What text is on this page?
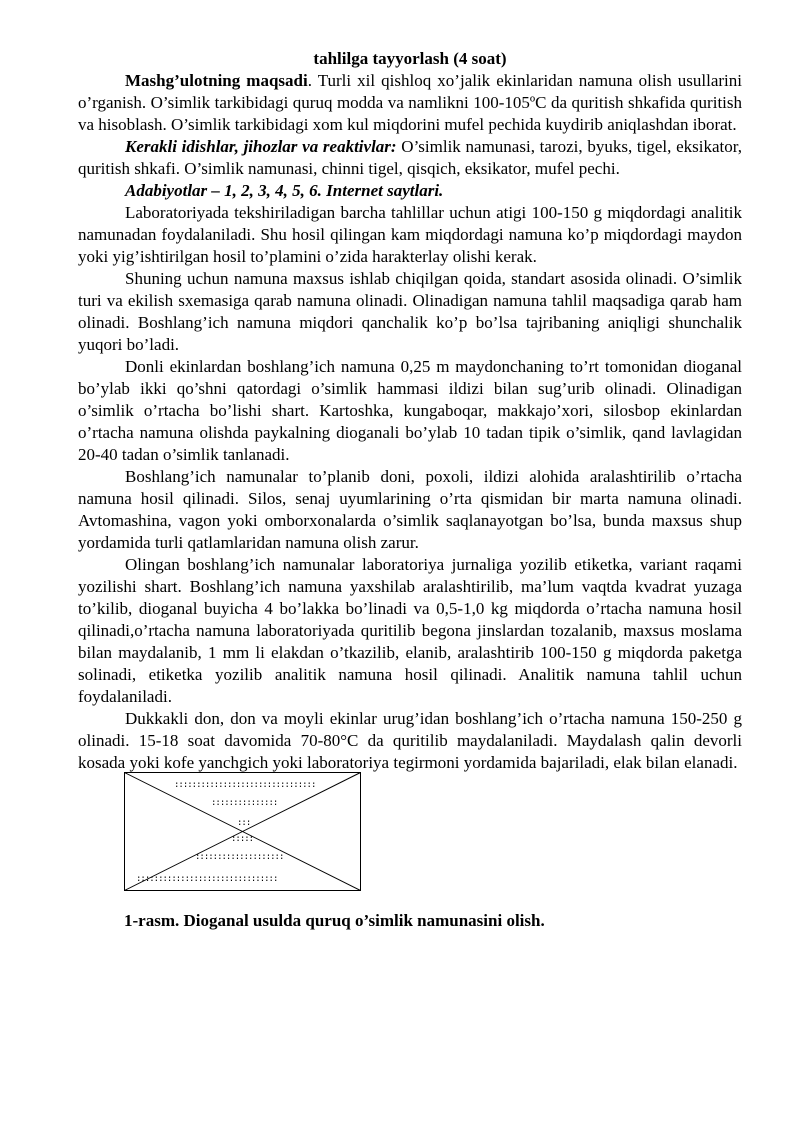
tahlilga tayyorlash (4 soat)

Mashg’ulotning maqsadi. Turli xil qishloq xo’jalik ekinlaridan namuna olish usullarini o’rganish. O’simlik tarkibidagi quruq modda va namlikni 100-105ºC da quritish shkafida quritish va hisoblash. O’simlik tarkibidagi xom kul miqdorini mufel pechida kuydirib aniqlashdan iborat.

Kerakli idishlar, jihozlar va reaktivlar: O’simlik namunasi, tarozi, byuks, tigel, eksikator, quritish shkafi. O’simlik namunasi, chinni tigel, qisqich, eksikator, mufel pechi.

Adabiyotlar – 1, 2, 3, 4, 5, 6. Internet saytlari.

Laboratoriyada tekshiriladigan barcha tahlillar uchun atigi 100-150 g miqdordagi analitik namunadan foydalaniladi. Shu hosil qilingan kam miqdordagi namuna ko’p miqdordagi maydon yoki yig’ishtirilgan hosil to’plamini o’zida harakterlay olishi kerak.

Shuning uchun namuna maxsus ishlab chiqilgan qoida, standart asosida olinadi. O’simlik turi va ekilish sxemasiga qarab namuna olinadi. Olinadigan namuna tahlil maqsadiga qarab ham olinadi. Boshlang’ich namuna miqdori qanchalik ko’p bo’lsa tajribaning aniqligi shunchalik yuqori bo’ladi.

Donli ekinlardan boshlang’ich namuna 0,25 m maydonchaning to’rt tomonidan dioganal bo’ylab ikki qo’shni qatordagi o’simlik hammasi ildizi bilan sug’urib olinadi. Olinadigan o’simlik o’rtacha bo’lishi shart. Kartoshka, kungaboqar, makkajo’xori, silosbop ekinlardan o’rtacha namuna olishda paykalning dioganali bo’ylab 10 tadan tipik o’simlik, qand lavlagidan 20-40 tadan o’simlik tanlanadi.

Boshlang’ich namunalar to’planib doni, poxoli, ildizi alohida aralashtirilib o’rtacha namuna hosil qilinadi. Silos, senaj uyumlarining o’rta qismidan bir marta namuna olinadi. Avtomashina, vagon yoki omborxonalarda o’simlik saqlanayotgan bo’lsa, bunda maxsus shup yordamida turli qatlamlaridan namuna olish zarur.

Olingan boshlang’ich namunalar laboratoriya jurnaliga yozilib etiketka, variant raqami yozilishi shart. Boshlang’ich namuna yaxshilab aralashtirilib, ma’lum vaqtda kvadrat yuzaga to’kilib, dioganal buyicha 4 bo’lakka bo’linadi va 0,5-1,0 kg miqdorda o’rtacha namuna hosil qilinadi,o’rtacha namuna laboratoriyada quritilib begona jinslardan tozalanib, maxsus moslama bilan maydalanib, 1 mm li elakdan o’tkazilib, elanib, aralashtirib 100-150 g miqdorda paketga solinadi, etiketka yozilib analitik namuna hosil qilinadi. Analitik namuna tahlil uchun foydalaniladi.

Dukkakli don, don va moyli ekinlar urug’idan boshlang’ich o’rtacha namuna 150-250 g olinadi. 15-18 soat davomida 70-80°C da quritilib maydalaniladi. Maydalash qalin devorli kosada yoki kofe yanchgich yoki laboratoriya tegirmoni yordamida bajariladi, elak bilan elanadi.

::::::::::::::::::::::::::::::::
:::::::::::::::
:::
:::::
::::::::::::::::::::
::::::::::::::::::::::::::::::::
1-rasm. Dioganal usulda quruq o’simlik namunasini olish.
